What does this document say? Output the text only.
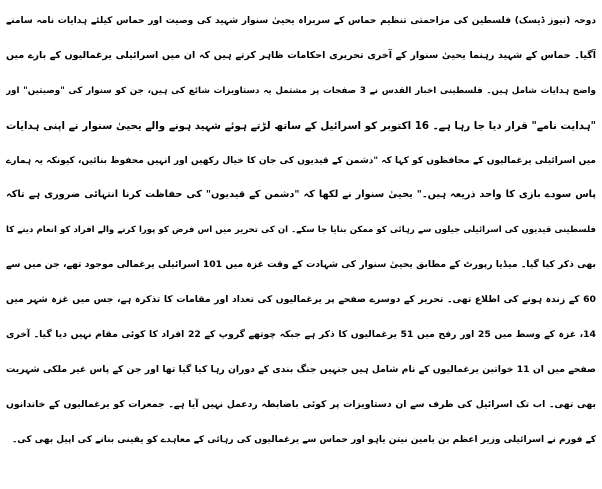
دوحہ (نیوز ڈیسک) فلسطین کی مزاحمتی تنظیم حماس کے سربراہ یحییٰ سنوار شہید کی وصیت اور حماس کیلئے ہدایات نامہ سامنے
آگیا۔ حماس کے شہید رہنما یحییٰ سنوار کے آخری تحریری احکامات ظاہر کرتے ہیں کہ ان میں اسرائیلی یرغمالیوں کے بارے میں
واضح ہدایات شامل ہیں۔ فلسطینی اخبار القدس نے 3 صفحات پر مشتمل یہ دستاویزات شائع کی ہیں، جن کو سنوار کی "وصیتیں" اور
"ہدایت نامے" قرار دیا جا رہا ہے۔ 16 اکتوبر کو اسرائیل کے ساتھ لڑتے ہوئے شہید ہونے والے یحییٰ سنوار نے اپنی ہدایات
میں اسرائیلی یرغمالیوں کے محافظوں کو کہا کہ "دشمن کے قیدیوں کی جان کا خیال رکھیں اور انہیں محفوظ بنائیں، کیونکہ یہ ہمارے
پاس سودے بازی کا واحد ذریعہ ہیں۔" یحییٰ سنوار نے لکھا کہ "دشمن کے قیدیوں" کی حفاظت کرنا انتہائی ضروری ہے تاکہ
فلسطینی قیدیوں کی اسرائیلی جیلوں سے رہائی کو ممکن بنایا جا سکے۔ ان کی تحریر میں اس فرض کو پورا کرنے والے افراد کو انعام دینے کا
بھی ذکر کیا گیا۔ میڈیا رپورٹ کے مطابق یحییٰ سنوار کی شہادت کے وقت غزہ میں 101 اسرائیلی یرغمالی موجود تھے، جن میں سے
60 کے زندہ ہونے کی اطلاع تھی۔ تحریر کے دوسرے صفحے پر یرغمالیوں کی تعداد اور مقامات کا تذکرہ ہے، جس میں غزہ شہر میں
14، غزہ کے وسط میں 25 اور رفح میں 51 یرغمالیوں کا ذکر ہے جبکہ چوتھے گروپ کے 22 افراد کا کوئی مقام نہیں دیا گیا۔ آخری
صفحے میں ان 11 خواتین یرغمالیوں کے نام شامل ہیں جنہیں جنگ بندی کے دوران رہا کیا گیا تھا اور جن کے پاس غیر ملکی شہریت
بھی تھی۔ اب تک اسرائیل کی طرف سے ان دستاویزات پر کوئی باضابطہ ردعمل نہیں آیا ہے۔ جمعرات کو یرغمالیوں کے خاندانوں
کے فورم نے اسرائیلی وزیر اعظم بن یامین نیتن یاہو اور حماس سے یرغمالیوں کی رہائی کے معاہدے کو یقینی بنانے کی اپیل بھی کی۔
